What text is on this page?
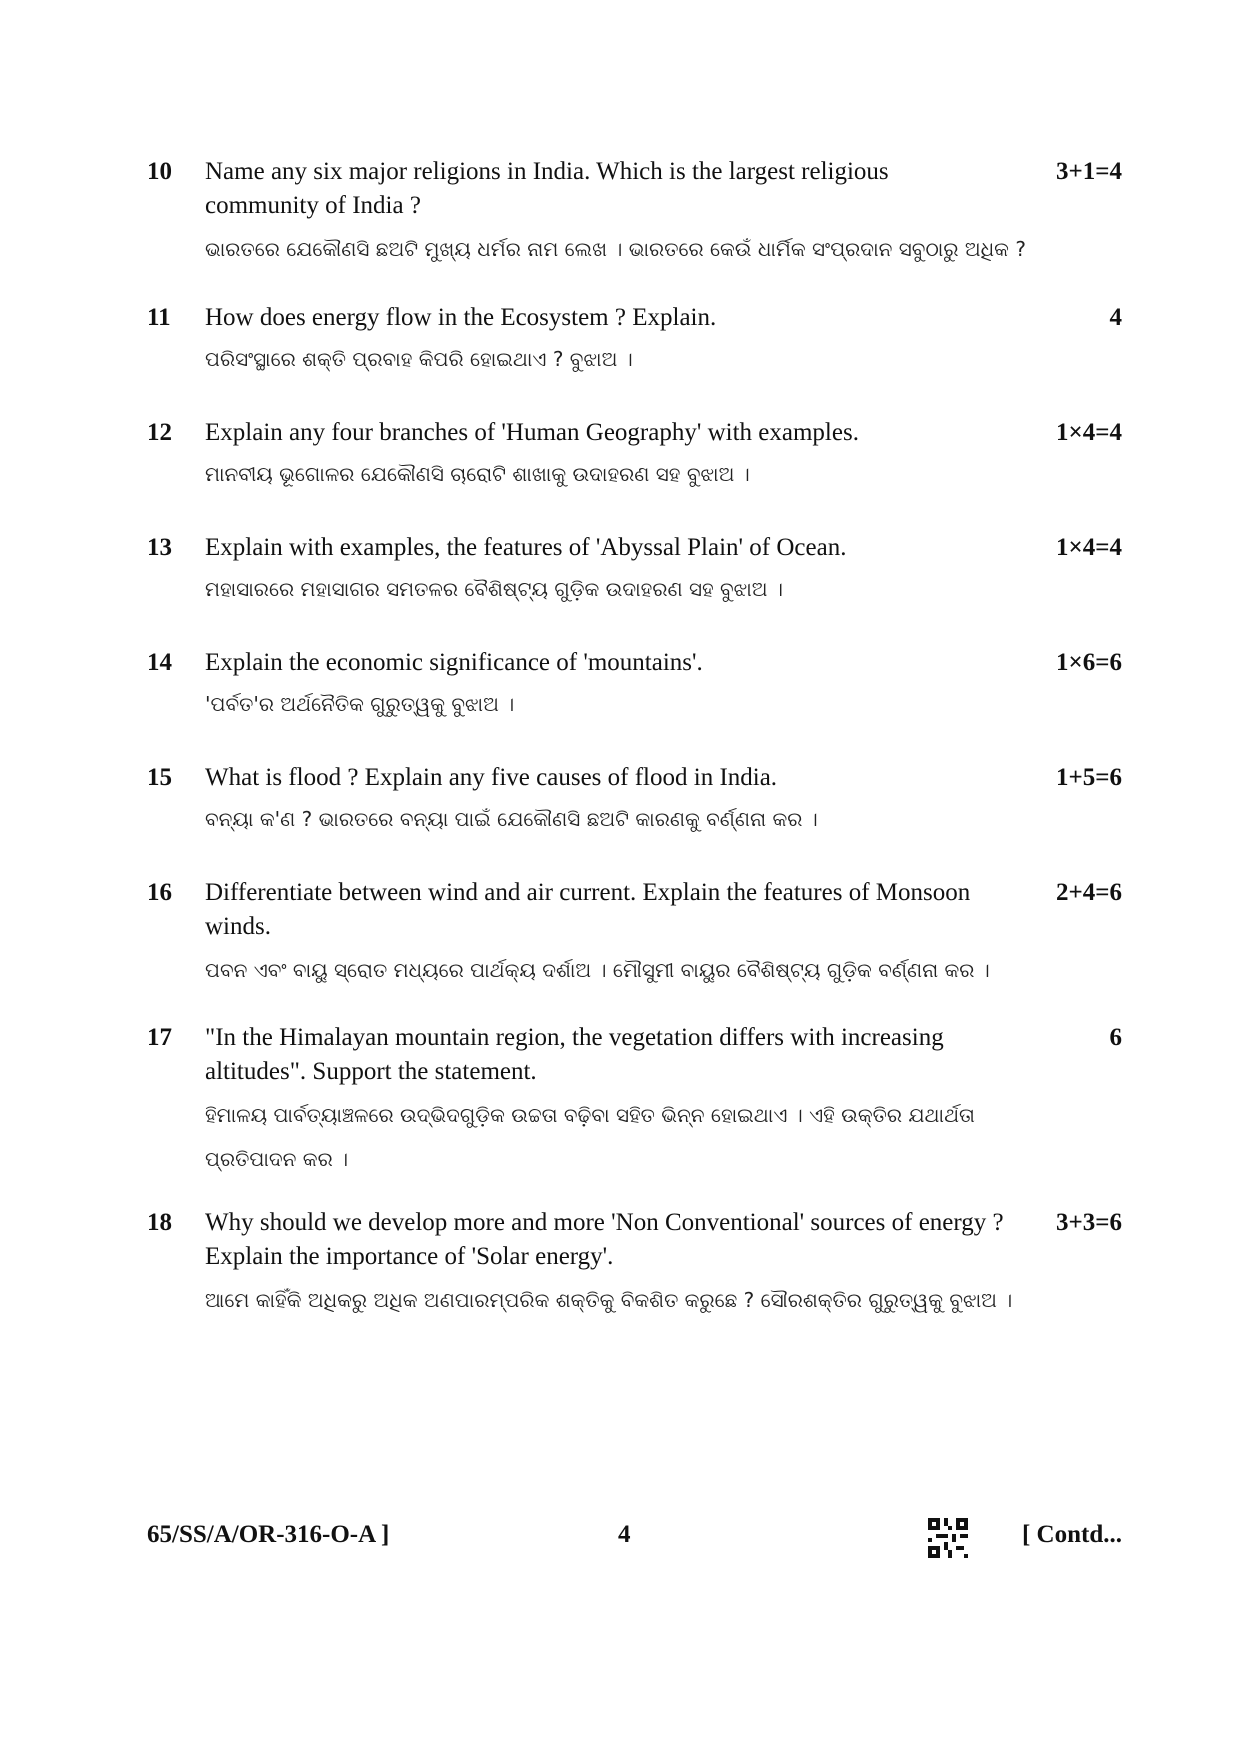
10 Name any six major religions in India. Which is the largest religious community of India ?
3+1=4
ଭାରତରେ ଯେକୌଣସି ଛଅଟି ମୁଖ୍ୟ ଧର୍ମର ନାମ ଲେଖ । ଭାରତରେ କେଉଁ ଧାର୍ମିକ ସଂପ୍ରଦାନ ସବୁଠାରୁ ଅଧିକ ?
11 How does energy flow in the Ecosystem ? Explain.	4
ପରିସଂସ୍ଥାରେ ଶକ୍ତି ପ୍ରବାହ କିପରି ହୋଇଥାଏ ? ବୁଝାଅ ।
12 Explain any four branches of 'Human Geography' with examples.	1×4=4
ମାନବୀୟ ଭୂଗୋଳର ଯେକୌଣସି ଚାରୋଟି ଶାଖାକୁ ଉଦାହରଣ ସହ ବୁଝାଅ ।
13 Explain with examples, the features of 'Abyssal Plain' of Ocean.	1×4=4
ମହାସାରରେ ମହାସାଗର ସମତଳର ବୈଶିଷ୍ଟ୍ୟ ଗୁଡ଼ିକ ଉଦାହରଣ ସହ ବୁଝାଅ ।
14 Explain the economic significance of 'mountains'.	1×6=6
'ପର୍ବତ'ର ଅର୍ଥନୈତିକ ଗୁରୁତ୍ୱକୁ ବୁଝାଅ ।
15 What is flood ? Explain any five causes of flood in India.	1+5=6
ବନ୍ୟା କ'ଣ ? ଭାରତରେ ବନ୍ୟା ପାଇଁ ଯେକୌଣସି ଛଅଟି କାରଣକୁ ବର୍ଣ୍ଣନା କର ।
16 Differentiate between wind and air current. Explain the features of Monsoon winds.
2+4=6
ପବନ ଏବଂ ବାୟୁ ସ୍ରୋତ ମଧ୍ୟରେ ପାର୍ଥକ୍ୟ ଦର୍ଶାଅ । ମୌସୁମୀ ବାୟୁର ବୈଶିଷ୍ଟ୍ୟ ଗୁଡ଼ିକ ବର୍ଣ୍ଣନା କର ।
17 "In the Himalayan mountain region, the vegetation differs with increasing altitudes". Support the statement.
6
ହିମାଳୟ ପାର୍ବତ୍ୟାଞ୍ଚଳରେ ଉଦ୍ଭିଦଗୁଡ଼ିକ ଉଚ୍ଚତା ବଢ଼ିବା ସହିତ ଭିନ୍ନ ହୋଇଥାଏ । ଏହି ଉକ୍ତିର ଯଥାର୍ଥତା ପ୍ରତିପାଦନ କର ।
18 Why should we develop more and more 'Non Conventional' sources of energy ? Explain the importance of 'Solar energy'.
3+3=6
ଆମେ କାହିଁକି ଅଧିକରୁ ଅଧିକ ଅଣପାରମ୍ପରିକ ଶକ୍ତିକୁ ବିକଶିତ କରୁଛେ ? ସୌରଶକ୍ତିର ଗୁରୁତ୍ୱକୁ ବୁଝାଅ ।
65/SS/A/OR-316-O-A ]	4	[ Contd...
